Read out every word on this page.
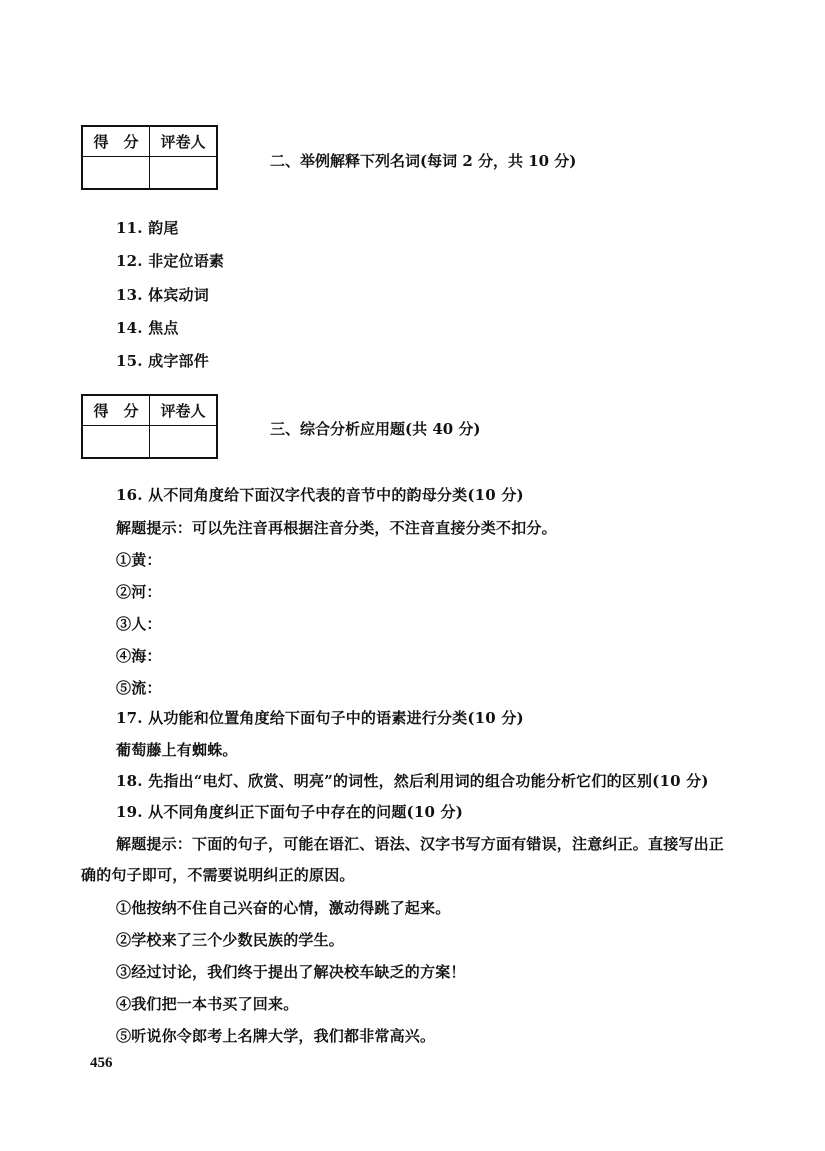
得　分	评卷人

二、举例解释下列名词(每词 2 分，共 10 分)
11. 韵尾
12. 非定位语素
13. 体宾动词
14. 焦点
15. 成字部件
得　分	评卷人

三、综合分析应用题(共 40 分)
16. 从不同角度给下面汉字代表的音节中的韵母分类(10 分)
解题提示：可以先注音再根据注音分类，不注音直接分类不扣分。
①黄：
②河：
③人：
④海：
⑤流：
17. 从功能和位置角度给下面句子中的语素进行分类(10 分)
葡萄藤上有蜘蛛。
18. 先指出“电灯、欣赏、明亮”的词性，然后利用词的组合功能分析它们的区别(10 分)
19. 从不同角度纠正下面句子中存在的问题(10 分)
解题提示：下面的句子，可能在语汇、语法、汉字书写方面有错误，注意纠正。直接写出正
确的句子即可，不需要说明纠正的原因。
①他按纳不住自己兴奋的心情，激动得跳了起来。
②学校来了三个少数民族的学生。
③经过讨论，我们终于提出了解决校车缺乏的方案！
④我们把一本书买了回来。
⑤听说你令郎考上名牌大学，我们都非常高兴。
456
